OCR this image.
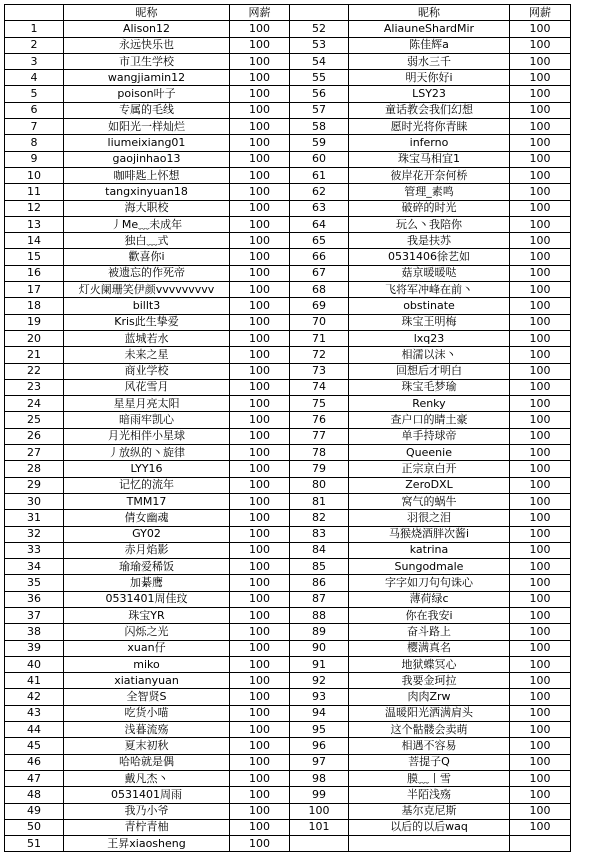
	昵称	网薪		昵称	网薪
1	Alison12	100	52	AliauneShardMir	100
2	永远快乐也	100	53	陈佳辉a	100
3	市卫生学校	100	54	弱水三千	100
4	wangjiamin12	100	55	明天你好i	100
5	poison叶子	100	56	LSY23	100
6	专属的毛线	100	57	童话教会我们幻想	100
7	如阳光一样灿烂	100	58	愿时光将你青睐	100
8	liumeixiang01	100	59	inferno	100
9	gaojinhao13	100	60	珠宝马相宜1	100
10	咖啡匙上怀想	100	61	彼岸花开奈何桥	100
11	tangxinyuan18	100	62	管理_素鸣	100
12	海大职校	100	63	破碎的时光	100
13	丿Me﹏未成年	100	64	玩么丶我陪你	100
14	独白﹏式	100	65	我是扶苏	100
15	歡喜你i	100	66	0531406徐艺如	100
16	被遗忘的作死帝	100	67	菇京暖暖哒	100
17	灯火阑珊笑伊颜vvvvvvvvv	100	68	飞将军冲峰在前丶	100
18	billt3	100	69	obstinate	100
19	Kris此生挚爱	100	70	珠宝王明梅	100
20	蓝城若水	100	71	lxq23	100
21	未来之星	100	72	相濡以沫丶	100
22	商业学校	100	73	回想后才明白	100
23	风花雪月	100	74	珠宝毛梦瑜	100
24	星星月亮太阳	100	75	Renky	100
25	暗雨牢凯心	100	76	查户口的睛土豪	100
26	月光相伴小星球	100	77	单手持球帝	100
27	丿放纵的丶旋律	100	78	Queenie	100
28	LYY16	100	79	正宗京白开	100
29	记忆的流年	100	80	ZeroDXL	100
30	TMM17	100	81	窝气的蜗牛	100
31	倩女幽魂	100	82	羽很之泪	100
32	GY02	100	83	马猴烧酒胖次酱i	100
33	赤月焰影	100	84	katrina	100
34	瑜瑜爱稀饭	100	85	Sungodmale	100
35	加綦鹰	100	86	字字如刀句句诛心	100
36	0531401周佳玟	100	87	薄荷绿c	100
37	珠宝YR	100	88	你在我安i	100
38	闪烁之光	100	89	奋斗路上	100
39	xuan仔	100	90	樱满真名	100
40	miko	100	91	地狱蝶冥心	100
41	xiatianyuan	100	92	我要金珂拉	100
42	全智贤S	100	93	肉肉Zrw	100
43	吃货小喵	100	94	温暖阳光洒满肩头	100
44	浅暮流殇	100	95	这个骷髅会卖萌	100
45	夏末初秋	100	96	相遇不容易	100
46	哈哈就是偶	100	97	菩提子Q	100
47	戴凡杰丶	100	98	膜﹏丨雪	100
48	0531401周雨	100	99	半陌浅殇	100
49	我乃小爷	100	100	基尔克尼斯	100
50	青柠青柚	100	101	以后的以后waq	100
51	王昇xiaosheng	100			
